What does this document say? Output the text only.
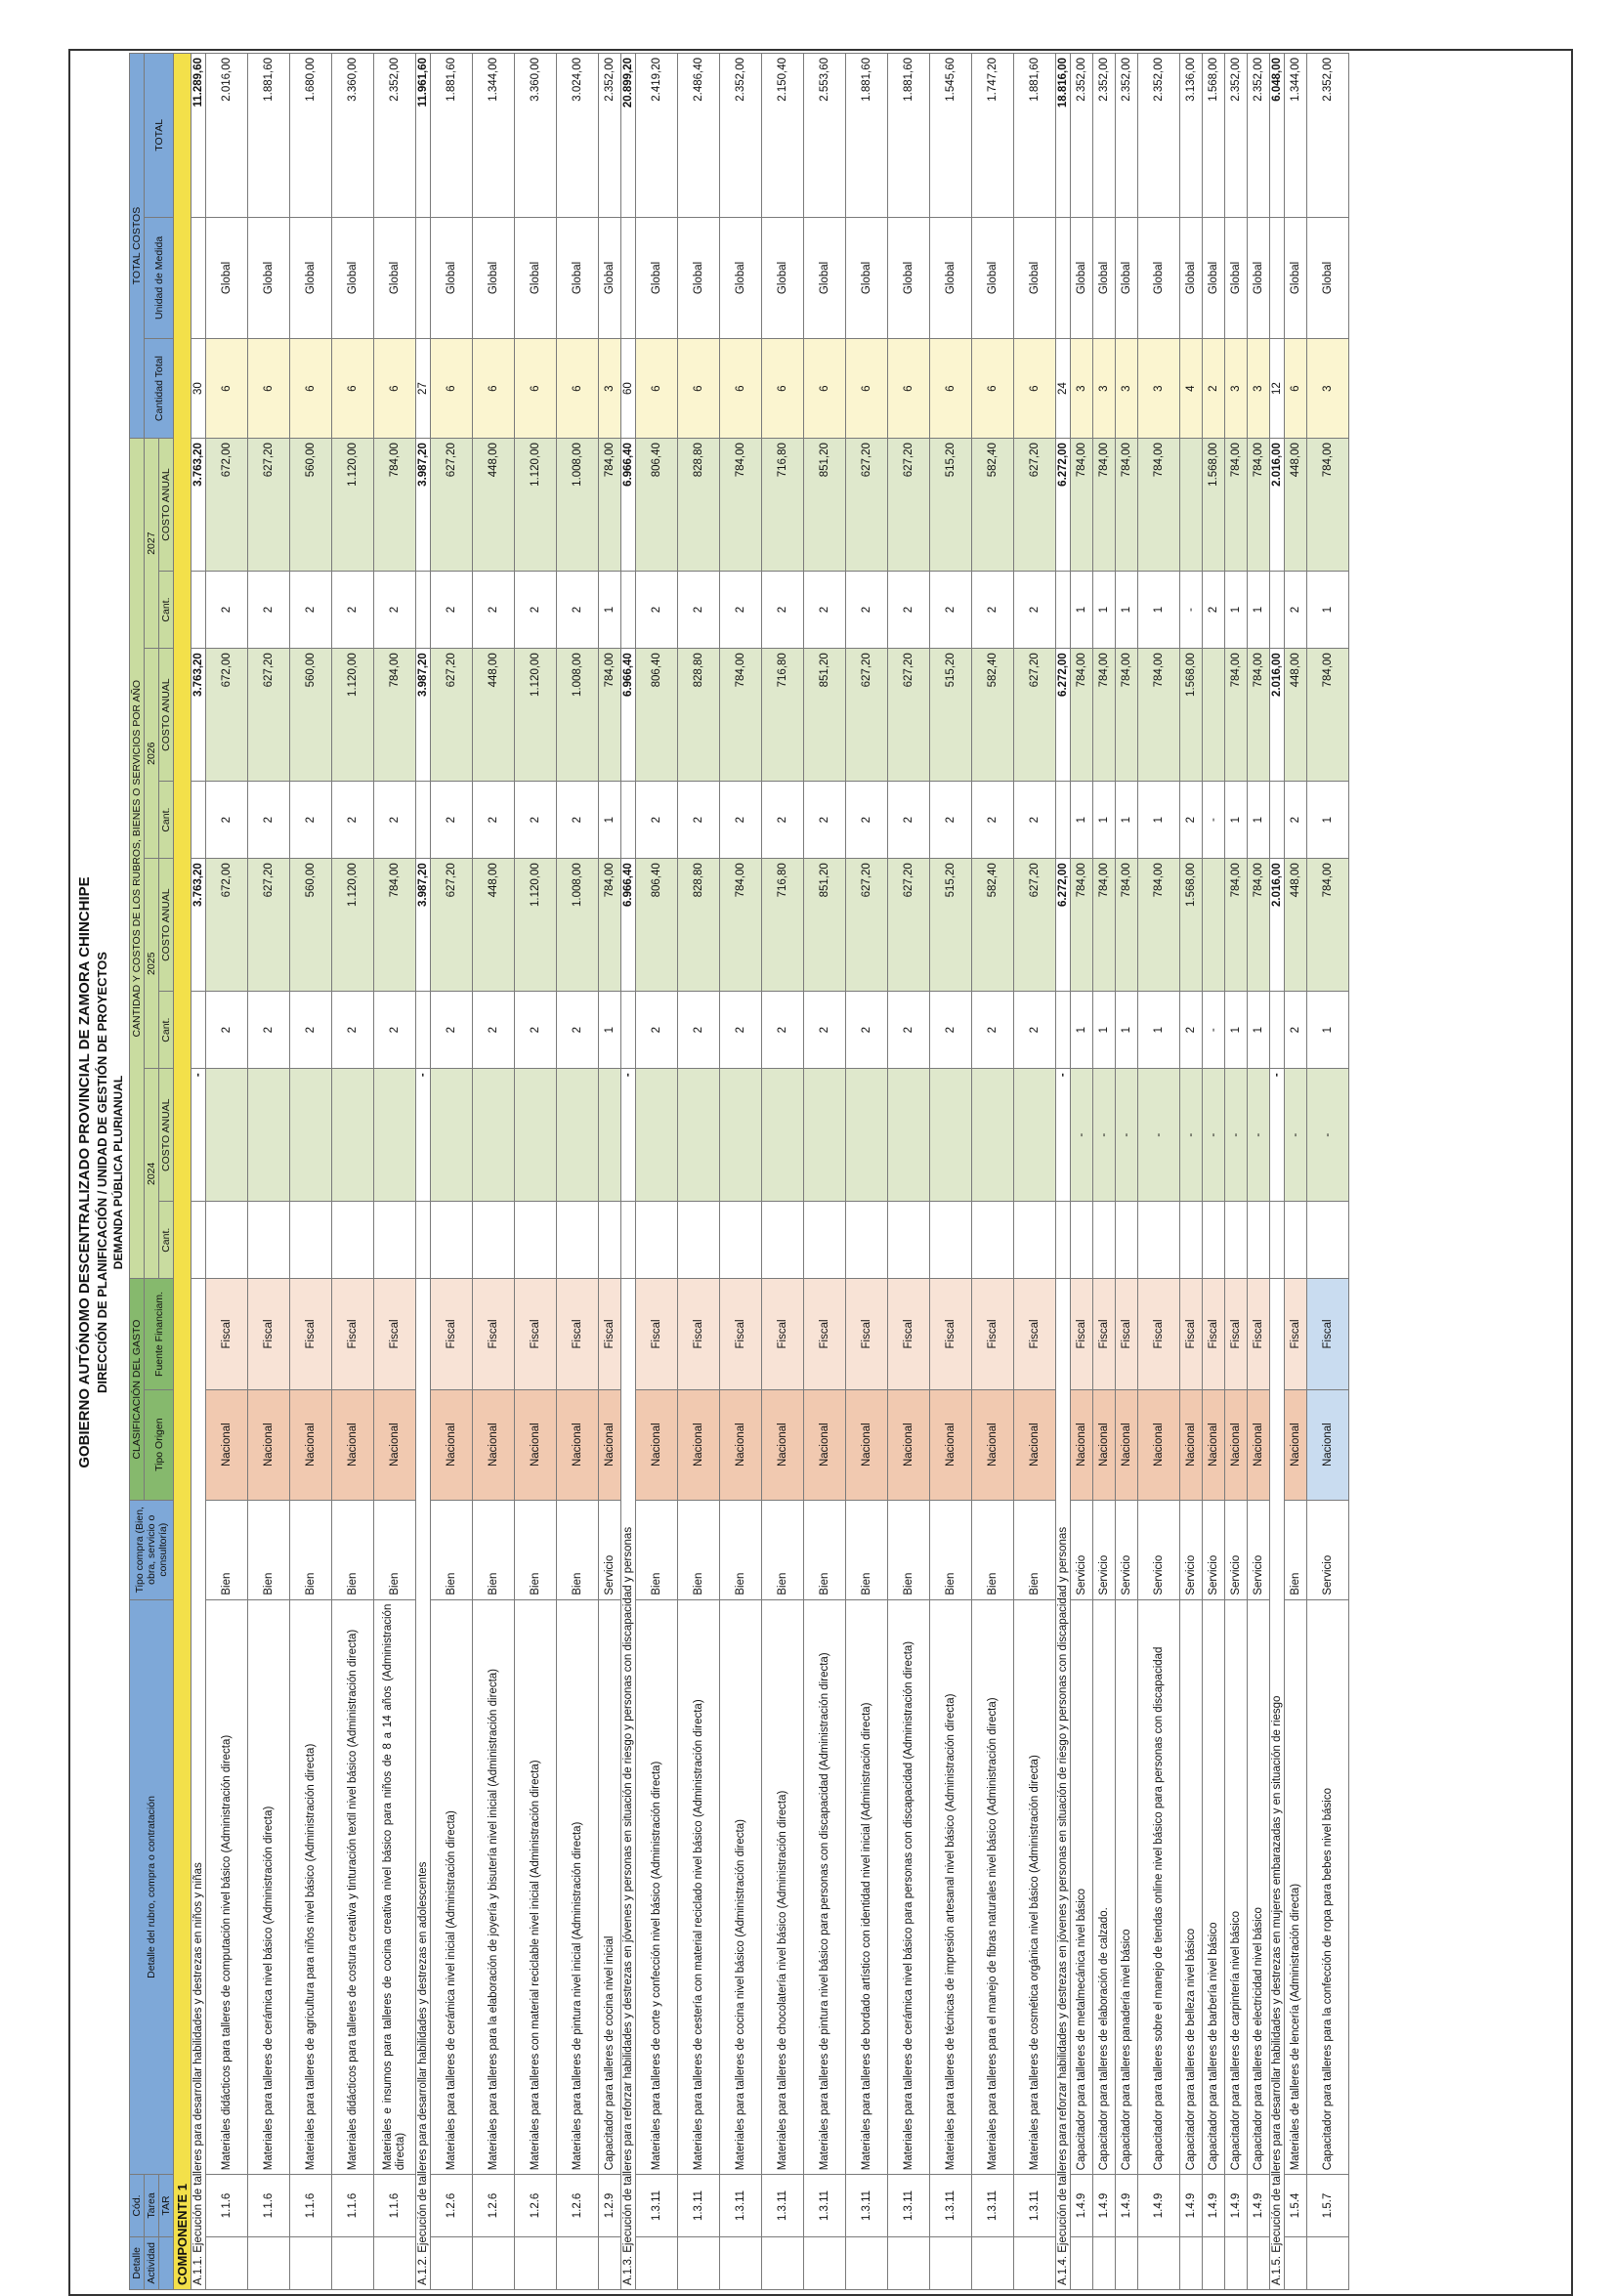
GOBIERNO AUTÓNOMO DESCENTRALIZADO PROVINCIAL DE ZAMORA CHINCHIPE DIRECCIÓN DE PLANIFICACIÓN / UNIDAD DE GESTIÓN DE PROYECTOS DEMANDA PÚBLICA PLURIANUAL
Detalle	Cód.	Detalle del rubro, compra o contratación	Tipo compra (Bien, obra, servicio o consultoría)	CLASIFICACIÓN DEL GASTO		CANTIDAD Y COSTOS DE LOS RUBROS, BIENES O SERVICIOS POR AÑO								TOTAL COSTOS		
Actividad	Tarea			Tipo Origen	Fuente Financiam.	2024		2025		2026		2027		Cantidad Total	Unidad de Medida	TOTAL
	TAR					Cant.	COSTO ANUAL	Cant.	COSTO ANUAL	Cant.	COSTO ANUAL	Cant.	COSTO ANUAL			
COMPONENTE 1																
A.1.1. Ejecución de talleres para desarrollar habilidades y destrezas en niños y niñas							-		3.763,20		3.763,20		3.763,20	30		11.289,60
	1.1.6	Materiales didácticos para talleres de computación nivel básico (Administración directa)	Bien	Nacional	Fiscal			2	672,00	2	672,00	2	672,00	6	Global	2.016,00
	1.1.6	Materiales para talleres de cerámica nivel básico (Administración directa)	Bien	Nacional	Fiscal			2	627,20	2	627,20	2	627,20	6	Global	1.881,60
	1.1.6	Materiales para talleres de agricultura para niños nivel básico (Administración directa)	Bien	Nacional	Fiscal			2	560,00	2	560,00	2	560,00	6	Global	1.680,00
	1.1.6	Materiales didácticos para talleres de costura creativa y tinturación textil nivel básico (Administración directa)	Bien	Nacional	Fiscal			2	1.120,00	2	1.120,00	2	1.120,00	6	Global	3.360,00
	1.1.6	Materiales e insumos para talleres de cocina creativa nivel básico para niños de 8 a 14 años (Administración directa)	Bien	Nacional	Fiscal			2	784,00	2	784,00	2	784,00	6	Global	2.352,00
A.1.2. Ejecución de talleres para desarrollar habilidades y destrezas en adolescentes							-		3.987,20		3.987,20		3.987,20	27		11.961,60
	1.2.6	Materiales para talleres de cerámica nivel inicial (Administración directa)	Bien	Nacional	Fiscal			2	627,20	2	627,20	2	627,20	6	Global	1.881,60
	1.2.6	Materiales para talleres para la elaboración de joyería y bisutería nivel inicial (Administración directa)	Bien	Nacional	Fiscal			2	448,00	2	448,00	2	448,00	6	Global	1.344,00
	1.2.6	Materiales para talleres con material reciclable nivel inicial (Administración directa)	Bien	Nacional	Fiscal			2	1.120,00	2	1.120,00	2	1.120,00	6	Global	3.360,00
	1.2.6	Materiales para talleres de pintura nivel inicial (Administración directa)	Bien	Nacional	Fiscal			2	1.008,00	2	1.008,00	2	1.008,00	6	Global	3.024,00
	1.2.9	Capacitador para talleres de cocina nivel inicial	Servicio	Nacional	Fiscal			1	784,00	1	784,00	1	784,00	3	Global	2.352,00
A.1.3. Ejecución de talleres para reforzar habilidades y destrezas en jóvenes y personas en situación de riesgo y personas con discapacidad y personas							-		6.966,40		6.966,40		6.966,40	60		20.899,20
	1.3.11	Materiales para talleres de corte y confección nivel básico (Administración directa)	Bien	Nacional	Fiscal			2	806,40	2	806,40	2	806,40	6	Global	2.419,20
	1.3.11	Materiales para talleres de cestería con material reciclado nivel básico (Administración directa)	Bien	Nacional	Fiscal			2	828,80	2	828,80	2	828,80	6	Global	2.486,40
	1.3.11	Materiales para talleres de cocina nivel básico (Administración directa)	Bien	Nacional	Fiscal			2	784,00	2	784,00	2	784,00	6	Global	2.352,00
	1.3.11	Materiales para talleres de chocolatería nivel básico (Administración directa)	Bien	Nacional	Fiscal			2	716,80	2	716,80	2	716,80	6	Global	2.150,40
	1.3.11	Materiales para talleres de pintura nivel básico para personas con discapacidad (Administración directa)	Bien	Nacional	Fiscal			2	851,20	2	851,20	2	851,20	6	Global	2.553,60
	1.3.11	Materiales para talleres de bordado artístico con identidad nivel inicial (Administración directa)	Bien	Nacional	Fiscal			2	627,20	2	627,20	2	627,20	6	Global	1.881,60
	1.3.11	Materiales para talleres de cerámica nivel básico para personas con discapacidad (Administración directa)	Bien	Nacional	Fiscal			2	627,20	2	627,20	2	627,20	6	Global	1.881,60
	1.3.11	Materiales para talleres de técnicas de impresión artesanal nivel básico (Administración directa)	Bien	Nacional	Fiscal			2	515,20	2	515,20	2	515,20	6	Global	1.545,60
	1.3.11	Materiales para talleres para el manejo de fibras naturales nivel básico (Administración directa)	Bien	Nacional	Fiscal			2	582,40	2	582,40	2	582,40	6	Global	1.747,20
	1.3.11	Materiales para talleres de cosmética orgánica nivel básico (Administración directa)	Bien	Nacional	Fiscal			2	627,20	2	627,20	2	627,20	6	Global	1.881,60
A.1.4. Ejecución de talleres para reforzar habilidades y destrezas en jóvenes y personas en situación de riesgo y personas con discapacidad y personas							-		6.272,00		6.272,00		6.272,00	24		18.816,00
	1.4.9	Capacitador para talleres de metalmecánica nivel básico	Servicio	Nacional	Fiscal		-	1	784,00	1	784,00	1	784,00	3	Global	2.352,00
	1.4.9	Capacitador para talleres de elaboración de calzado.	Servicio	Nacional	Fiscal		-	1	784,00	1	784,00	1	784,00	3	Global	2.352,00
	1.4.9	Capacitador para talleres panadería nivel básico	Servicio	Nacional	Fiscal		-	1	784,00	1	784,00	1	784,00	3	Global	2.352,00
	1.4.9	Capacitador para talleres sobre el manejo de tiendas online nivel básico para personas con discapacidad	Servicio	Nacional	Fiscal		-	1	784,00	1	784,00	1	784,00	3	Global	2.352,00
	1.4.9	Capacitador para talleres de belleza nivel básico	Servicio	Nacional	Fiscal		-	2	1.568,00	2	1.568,00	-		4	Global	3.136,00
	1.4.9	Capacitador para talleres de barbería nivel básico	Servicio	Nacional	Fiscal		-	-		-		2	1.568,00	2	Global	1.568,00
	1.4.9	Capacitador para talleres de carpintería nivel básico	Servicio	Nacional	Fiscal		-	1	784,00	1	784,00	1	784,00	3	Global	2.352,00
	1.4.9	Capacitador para talleres de electricidad nivel básico	Servicio	Nacional	Fiscal		-	1	784,00	1	784,00	1	784,00	3	Global	2.352,00
A.1.5. Ejecución de talleres para desarrollar habilidades y destrezas en mujeres embarazadas y en situación de riesgo							-		2.016,00		2.016,00		2.016,00	12		6.048,00
	1.5.4	Materiales de talleres de lencería (Administración directa)	Bien	Nacional	Fiscal		-	2	448,00	2	448,00	2	448,00	6	Global	1.344,00
	1.5.7	Capacitador para talleres para la confección de ropa para bebes nivel básico	Servicio	Nacional	Fiscal		-	1	784,00	1	784,00	1	784,00	3	Global	2.352,00
